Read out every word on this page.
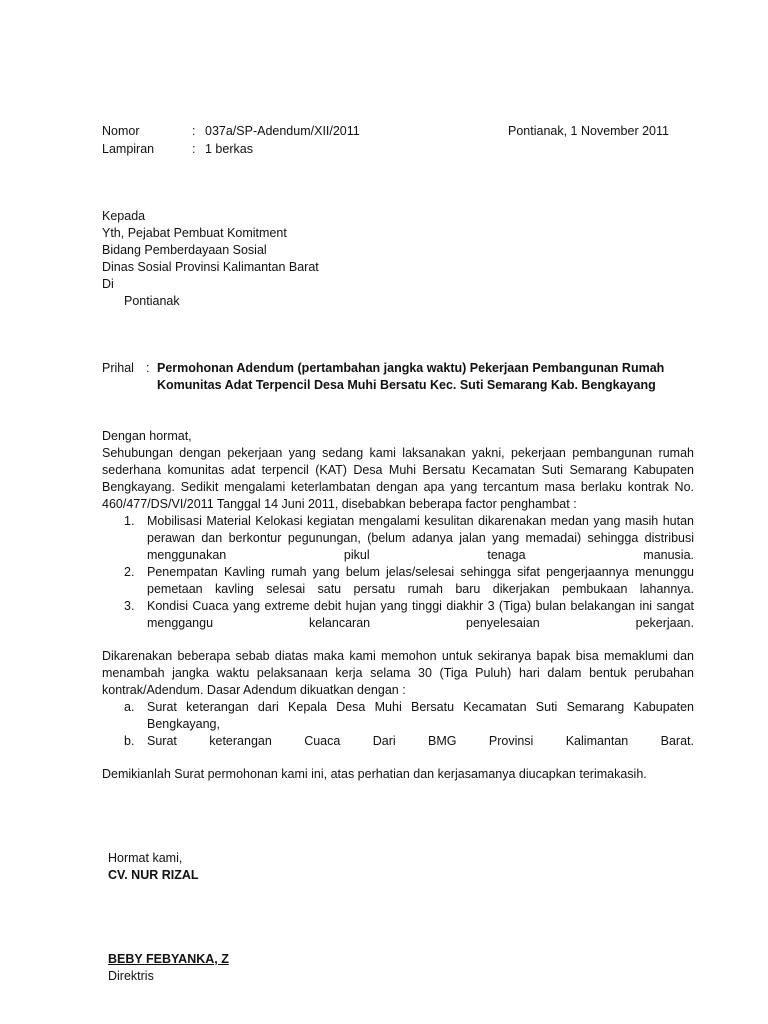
Nomor	: 037a/SP-Adendum/XII/2011
Lampiran	: 1 berkas
Pontianak, 1 November 2011
Kepada
Yth, Pejabat Pembuat Komitment
Bidang Pemberdayaan Sosial
Dinas Sosial Provinsi Kalimantan Barat
Di
Pontianak
Prihal : Permohonan Adendum (pertambahan jangka waktu) Pekerjaan Pembangunan Rumah
Komunitas Adat Terpencil Desa Muhi Bersatu Kec. Suti Semarang Kab. Bengkayang
Dengan hormat,
Sehubungan dengan pekerjaan yang sedang kami laksanakan yakni, pekerjaan pembangunan rumah
sederhana komunitas adat terpencil (KAT) Desa Muhi Bersatu Kecamatan Suti Semarang Kabupaten
Bengkayang. Sedikit mengalami keterlambatan dengan apa yang tercantum masa berlaku kontrak No.
460/477/DS/VI/2011 Tanggal 14 Juni 2011, disebabkan beberapa factor penghambat :
1.	Mobilisasi Material Kelokasi kegiatan mengalami kesulitan dikarenakan medan yang masih hutan
perawan dan berkontur pegunungan, (belum adanya jalan yang memadai) sehingga distribusi
menggunakan pikul tenaga manusia.
2.	Penempatan Kavling rumah yang belum jelas/selesai sehingga sifat pengerjaannya menunggu
pemetaan kavling selesai satu persatu rumah baru dikerjakan pembukaan lahannya.
3.	Kondisi Cuaca yang extreme debit hujan yang tinggi diakhir 3 (Tiga) bulan belakangan ini sangat
menggangu kelancaran penyelesaian pekerjaan.
Dikarenakan beberapa sebab diatas maka kami memohon untuk sekiranya bapak bisa memaklumi dan
menambah jangka waktu pelaksanaan kerja selama 30 (Tiga Puluh) hari dalam bentuk perubahan
kontrak/Adendum. Dasar Adendum dikuatkan dengan :
a.	Surat keterangan dari Kepala Desa Muhi Bersatu Kecamatan Suti Semarang Kabupaten
Bengkayang,
b.	Surat keterangan Cuaca Dari BMG Provinsi Kalimantan Barat.
Demikianlah Surat permohonan kami ini, atas perhatian dan kerjasamanya diucapkan terimakasih.
Hormat kami,
CV. NUR RIZAL
BEBY FEBYANKA, Z
Direktris
